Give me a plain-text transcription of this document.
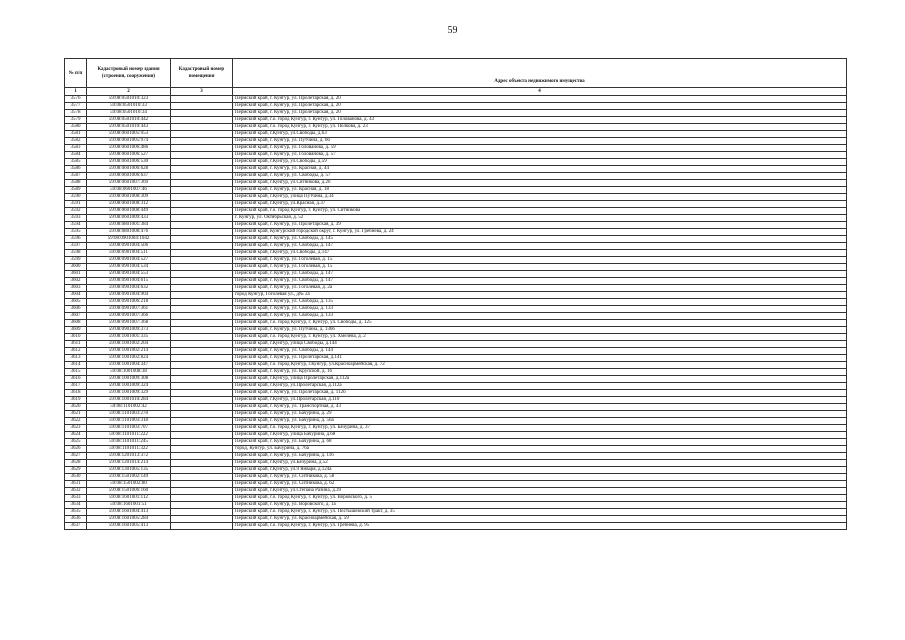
59
№ п/п	Кадастровый номер здания (строения, сооружения)	Кадастровый номер помещения	Адрес объекта недвижимого имущества
1	2	3	4
3576	59:08:0501010:323		Пермский край, г. Кунгур, ул. Пролетарская, д. 20
3577	59:08:0501010:33		Пермский край, г. Кунгур, ул. Пролетарская, д. 20
3578	59:08:0501010:34		Пермский край, г. Кунгур, ул. Пролетарская, д. 20
3579	59:08:0501010:442		Пермский край, г.о. город Кунгур, г. Кунгур, ул. Голованова, д. 43
3580	59:08:0501010:443		Пермский край, г.о. город Кунгур, г. Кунгур, ул. Полкова, д. 23
3581	59:08:0601005:953		Пермский край, г.Кунгур, ул.Свободы, д.63
3582	59:08:0601005:974		Пермский край, г. Кунгур, ул. Путчина, д. 66
3583	59:08:0601006:486		Пермский край, г. Кунгур, ул. Голованова, д. 59
3584	59:08:0601006:527		Пермский край, г. Кунгур, ул. Голованова, д. 57
3585	59:08:0601006:530		Пермский край, г.Кунгур, ул.Свободы, д.59
3586	59:08:0601006:628		Пермский край, г. Кунгур, ул. Красная, д. 44
3587	59:08:0601006:637		Пермский край, г. Кунгур, ул. Свободы, д. 57
3588	59:08:0601007:369		Пермский край, г.Кунгур, ул.Ситникова, д.26
3589	59:08:0601007:46		Пермский край, г. Кунгур, ул. Красная, д. 18
3590	59:08:0601008:309		Пермский край, г.Кунгур, улица Путчина, д.34
3591	59:08:0601008:312		Пермский край, г.Кунгур, ул.Красная, д.37
3592	59:08:0601008:449		Пермский край, г.о. город Кунгур, г. Кунгур, ул. Ситникова
3593	59:08:0601009:433		г. Кунгур, ул. Октябрьская, д. 52
3594	59:08:0801001:384		Пермский край, г. Кунгур, ул. Пролетарская, д. 39
3595	59:08:0801008:476		Пермский край, Кунгурский городской округ, г. Кунгур, ул. Гребнева, д. 24
3596	59:08:0901004:1042		Пермский край, г. Кунгур, ул. Свободы, д. 145
3597	59:08:0901004:506		Пермский край, г. Кунгур, ул. Свободы, д. 147
3598	59:08:0901004:511		Пермский край, г.Кунгур, ул.Свободы, д.147
3599	59:08:0901004:527		Пермский край, г. Кунгур, ул. Гоголевая, д. 15
3600	59:08:0901004:534		Пермский край, г. Кунгур, ул. Гоголевая, д. 15
3601	59:08:0901004:553		Пермский край, г. Кунгур, ул. Свободы, д. 147
3602	59:08:0901004:615		Пермский край, г. Кунгур, ул. Свободы, д. 147
3603	59:08:0901004:632		Пермский край, г. Кунгур, ул. Гоголевая, д. 2а
3604	59:08:0901004:904		город Кунгур, Гоголевая ул., д№ 2а
3605	59:08:0901006:218		Пермский край, г. Кунгур, ул. Свободы, д. 135
3606	59:08:0901007:361		Пермский край, г. Кунгур, ул. Свободы, д. 133
3607	59:08:0901007:366		Пермский край, г. Кунгур, ул. Свободы, д. 133
3608	59:08:0901007:368		Пермский край, г.о. город Кунгур, г. Кунгур, ул. Свободы, д. 125
3609	59:08:0901009:373		Пермский край, г. Кунгур, ул. Путчина, д. 136б
3610	59:08:1001001:335		Пермский край, г.о. город Кунгур, г. Кунгур, ул. Хмелева, д. 2
3611	59:08:1001002:204		Пермский край, г.Кунгур, улица Свободы, д.144
3612	59:08:1001002:214		Пермский край, г. Кунгур, ул. Свободы, д. 144
3613	59:08:1001002:824		Пермский край, г. Кунгур, ул. Пролетарская, д.141
3614	59:08:1001004:347		Пермский край, г.о. город Кунгур, г.Кунгур, ул.Красноармейская, д. 72
3615	59:08:1001008:38		Пермский край, г. Кунгур, ул. Крупской, д. 16
3616	59:08:1001009:308		Пермский край, г.Кунгур, улица Пролетарская, д.112а
3617	59:08:1001009:324		Пермский край, г.Кунгур, ул.Пролетарская, д.112а
3618	59:08:1001009:329		Пермский край, г. Кунгур, ул. Пролетарская, д. 112б
3619	59:08:1001010:284		Пермский край, г.Кунгур, ул.Пролетарская, д.110
3620	59:08:1101002:42		Пермский край, г. Кунгур, ул. Транспортная, д. 43
3621	59:08:1101003:278		Пермский край, г. Кунгур, ул. Бачурина, д. 29
3622	59:08:1101003:318		Пермский край, г. Кунгур, ул. Бачурина, д. 56а
3623	59:08:1101003:707		Пермский край, г.о. город Кунгур, г. Кунгур, ул. Бачурина, д. 37
3624	59:08:1101011:222		Пермский край, г.Кунгур, улица Бачурина, д.68
3625	59:08:1101011:245		Пермский край, г. Кунгур, ул. Бачурина, д. 68
3626	59:08:1101011:322		город, Кунгур, ул. Бачурина, д. 76а
3627	59:08:1201013:372		Пермский край, г. Кунгур, ул. Бачурина, д. 116
3628	59:08:1201014:214		Пермский край, г.Кунгур, ул.Бачурина, д.52
3629	59:08:1301005:135		Пермский край, г.Кунгур, ул.9 Января, д.124а
3630	59:08:1501002:149		Пермский край, г. Кунгур, ул. Ситникова, д. 58
3631	59:08:1501002:80		Пермский край, г. Кунгур, ул. Ситникова, д. 62
3632	59:08:1501006:160		Пермский край, г.Кунгур, ул.Степана Разина, д.39
3633	59:08:1601001:112		Пермский край, г.о. город Кунгур, г. Кунгур, ул. Воровского, д. 5
3634	59:08:1601001:51		Пермский край, г. Кунгур, ул. Воровского, д. 1а
3635	59:08:1601004:413		Пермский край, г.о. город Кунгур, г. Кунгур, ул. Постышевский тракт, д. 35
3636	59:08:1601005:284		Пермский край, г. Кунгур, ул. Красноармейская, д. 59
3637	59:08:1601005:413		Пермский край, г.о. город Кунгур, г. Кунгур, ул. Гребнева, д. 95
